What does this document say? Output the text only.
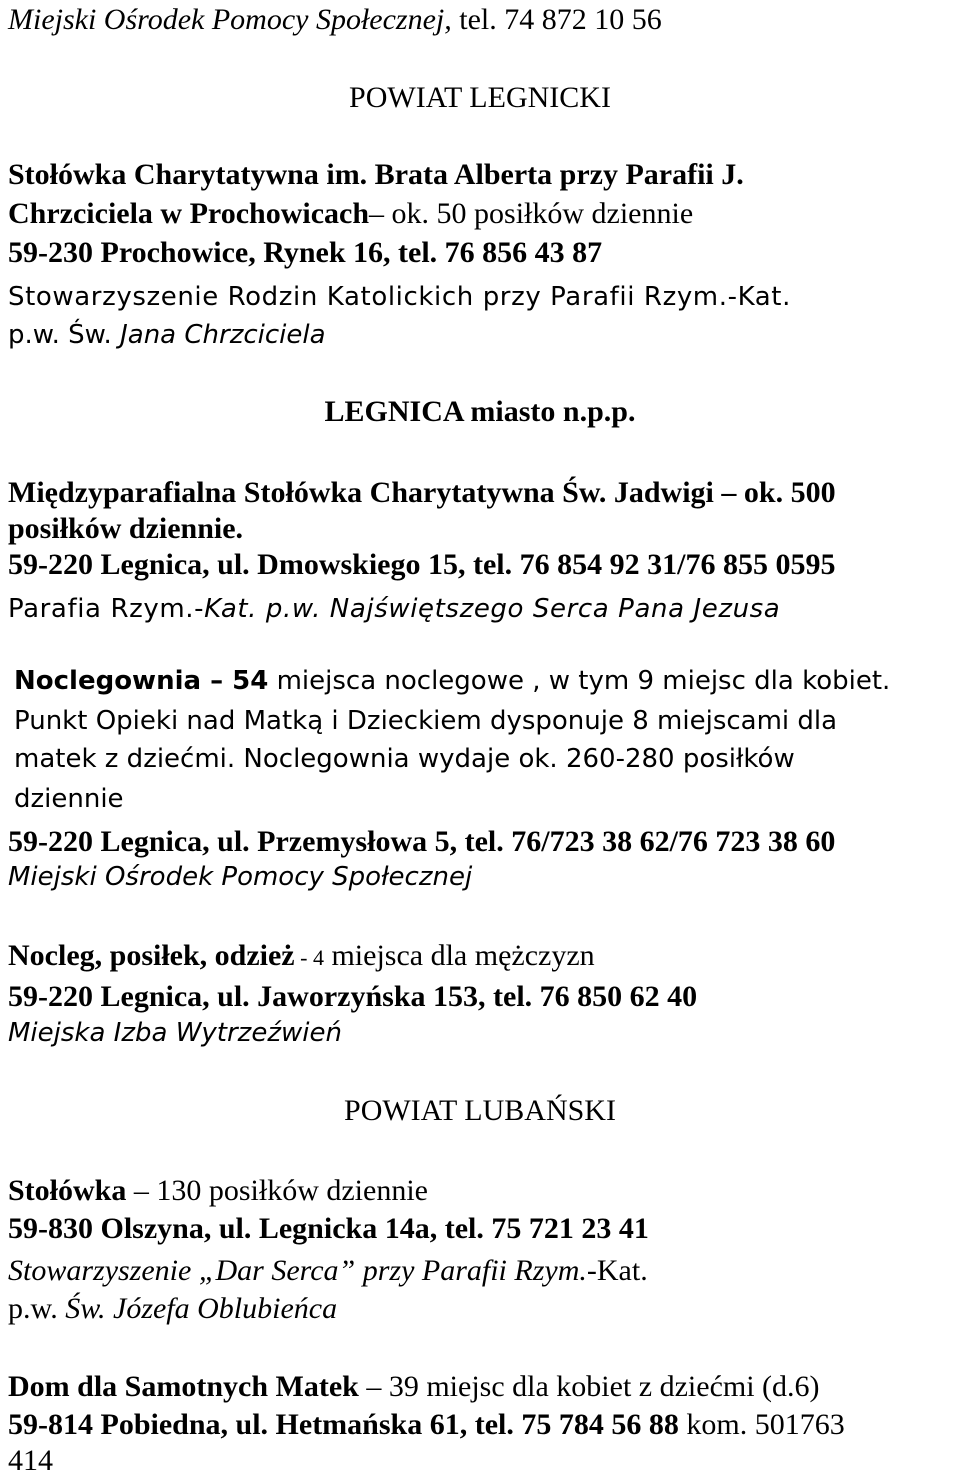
Miejski Ośrodek Pomocy Społecznej, tel. 74 872 10 56
POWIAT LEGNICKI
Stołówka Charytatywna im. Brata Alberta przy Parafii J.
Chrzciciela w Prochowicach– ok. 50 posiłków dziennie
59-230 Prochowice, Rynek 16, tel. 76 856 43 87
Stowarzyszenie Rodzin Katolickich przy Parafii Rzym.-Kat.
p.w. Św. Jana Chrzciciela
LEGNICA miasto n.p.p.
Międzyparafialna Stołówka Charytatywna Św. Jadwigi – ok. 500
posiłków dziennie.
59-220 Legnica, ul. Dmowskiego 15, tel. 76 854 92 31/76 855 0595
Parafia Rzym.-Kat. p.w. Najświętszego Serca Pana Jezusa
Noclegownia – 54 miejsca noclegowe , w tym 9 miejsc dla kobiet.
Punkt Opieki nad Matką i Dzieckiem dysponuje 8 miejscami dla
matek z dziećmi. Noclegownia wydaje ok. 260-280 posiłków
dziennie
59-220 Legnica, ul. Przemysłowa 5, tel. 76/723 38 62/76 723 38 60
Miejski Ośrodek Pomocy Społecznej
Nocleg, posiłek, odzież - 4 miejsca dla mężczyzn
59-220 Legnica, ul. Jaworzyńska 153, tel. 76 850 62 40
Miejska Izba Wytrzeźwień
POWIAT LUBAŃSKI
Stołówka – 130 posiłków dziennie
59-830 Olszyna, ul. Legnicka 14a, tel. 75 721 23 41
Stowarzyszenie „Dar Serca” przy Parafii Rzym.-Kat.
p.w. Św. Józefa Oblubieńca
Dom dla Samotnych Matek – 39 miejsc dla kobiet z dziećmi (d.6)
59-814 Pobiedna, ul. Hetmańska 61, tel. 75 784 56 88 kom. 501763
414
